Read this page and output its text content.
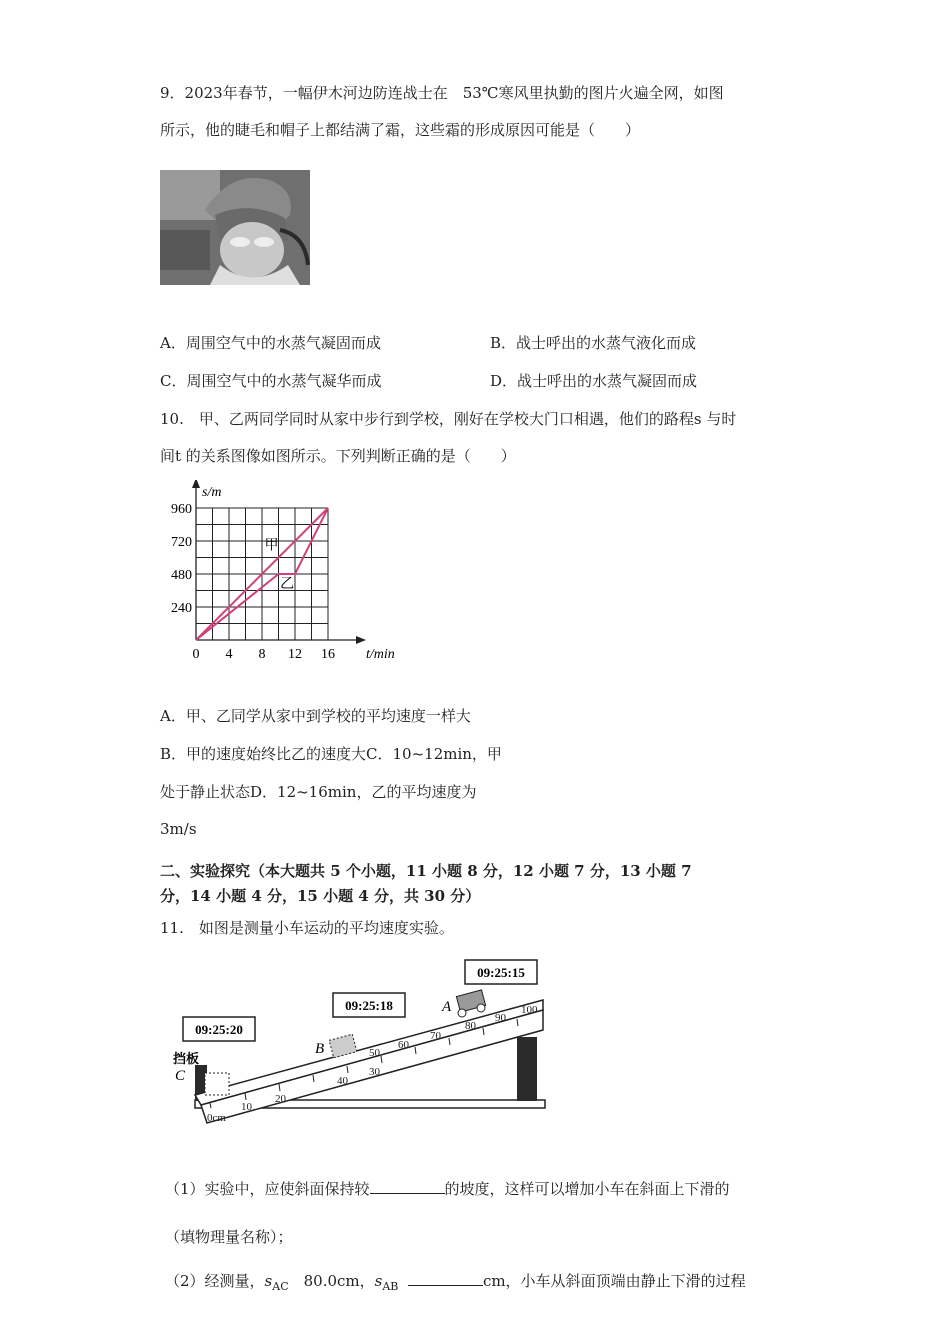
9．2023年春节，一幅伊木河边防连战士在　53℃寒风里执勤的图片火遍全网，如图
所示，他的睫毛和帽子上都结满了霜，这些霜的形成原因可能是（　　）
A．周围空气中的水蒸气凝固而成	B．战士呼出的水蒸气液化而成
C．周围空气中的水蒸气凝华而成	D．战士呼出的水蒸气凝固而成
10.　甲、乙两同学同时从家中步行到学校，刚好在学校大门口相遇，他们的路程s 与时
间t 的关系图像如图所示。下列判断正确的是（　　）
0 4 8 12 16
240
480
720
960
s/m
t/min
甲
乙
A．甲、乙同学从家中到学校的平均速度一样大
B．甲的速度始终比乙的速度大C．10~12min，甲
处于静止状态D．12~16min，乙的平均速度为
3m/s
二、实验探究（本大题共 5 个小题，11 小题 8 分，12 小题 7 分，13 小题 7
分，14 小题 4 分，15 小题 4 分，共 30 分）
11.　如图是测量小车运动的平均速度实验。
0cm
10
20
30
40
50
60
70
80
90
100
09:25:15
09:25:18
09:25:20
A
B
C
挡板
（1）实验中，应使斜面保持较	的坡度，这样可以增加小车在斜面上下滑的
（填物理量名称）；
（2）经测量，$s_{AC}$　80.0cm，$s_{AB}$	cm，小车从斜面顶端由静止下滑的过程
